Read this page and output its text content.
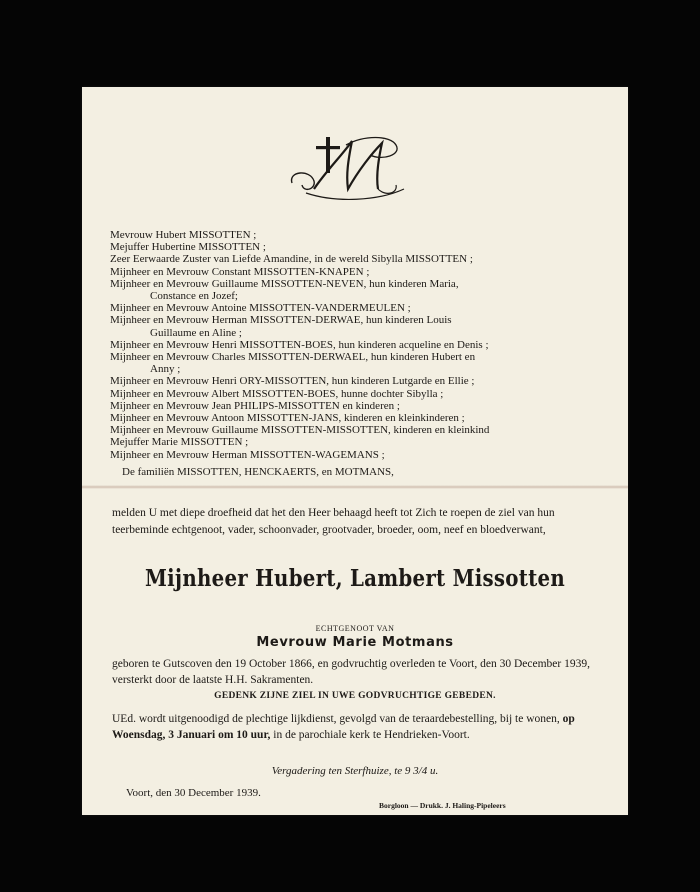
Mevrouw Hubert MISSOTTEN ;
Mejuffer Hubertine MISSOTTEN ;
Zeer Eerwaarde Zuster van Liefde Amandine, in de wereld Sibylla MISSOTTEN ;
Mijnheer en Mevrouw Constant MISSOTTEN-KNAPEN ;
Mijnheer en Mevrouw Guillaume MISSOTTEN-NEVEN, hun kinderen Maria,
Constance en Jozef;
Mijnheer en Mevrouw Antoine MISSOTTEN-VANDERMEULEN ;
Mijnheer en Mevrouw Herman MISSOTTEN-DERWAE, hun kinderen Louis
Guillaume en Aline ;
Mijnheer en Mevrouw Henri MISSOTTEN-BOES, hun kinderen acqueline en Denis ;
Mijnheer en Mevrouw Charles MISSOTTEN-DERWAEL, hun kinderen Hubert en
Anny ;
Mijnheer en Mevrouw Henri ORY-MISSOTTEN, hun kinderen Lutgarde en Ellie ;
Mijnheer en Mevrouw Albert MISSOTTEN-BOES, hunne dochter Sibylla ;
Mijnheer en Mevrouw Jean PHILIPS-MISSOTTEN en kinderen ;
Mijnheer en Mevrouw Antoon MISSOTTEN-JANS, kinderen en kleinkinderen ;
Mijnheer en Mevrouw Guillaume MISSOTTEN-MISSOTTEN, kinderen en kleinkind
Mejuffer Marie MISSOTTEN ;
Mijnheer en Mevrouw Herman MISSOTTEN-WAGEMANS ;
De familiën MISSOTTEN, HENCKAERTS, en MOTMANS,
melden U met diepe droefheid dat het den Heer behaagd heeft tot Zich te roepen de ziel van hun teerbeminde echtgenoot, vader, schoonvader, grootvader, broeder, oom, neef en bloedverwant,
Mijnheer Hubert, Lambert Missotten
ECHTGENOOT VAN
Mevrouw Marie Motmans
geboren te Gutscoven den 19 October 1866, en godvruchtig overleden te Voort, den 30 December 1939, versterkt door de laatste H.H. Sakramenten.
GEDENK ZIJNE ZIEL IN UWE GODVRUCHTIGE GEBEDEN.
UEd. wordt uitgenoodigd de plechtige lijkdienst, gevolgd van de teraardebestelling, bij te wonen, op Woensdag, 3 Januari om 10 uur, in de parochiale kerk te Hendrieken-Voort.
Vergadering ten Sterfhuize, te 9 3/4 u.
Voort, den 30 December 1939.
Borgloon — Drukk. J. Haling-Pipeleers
